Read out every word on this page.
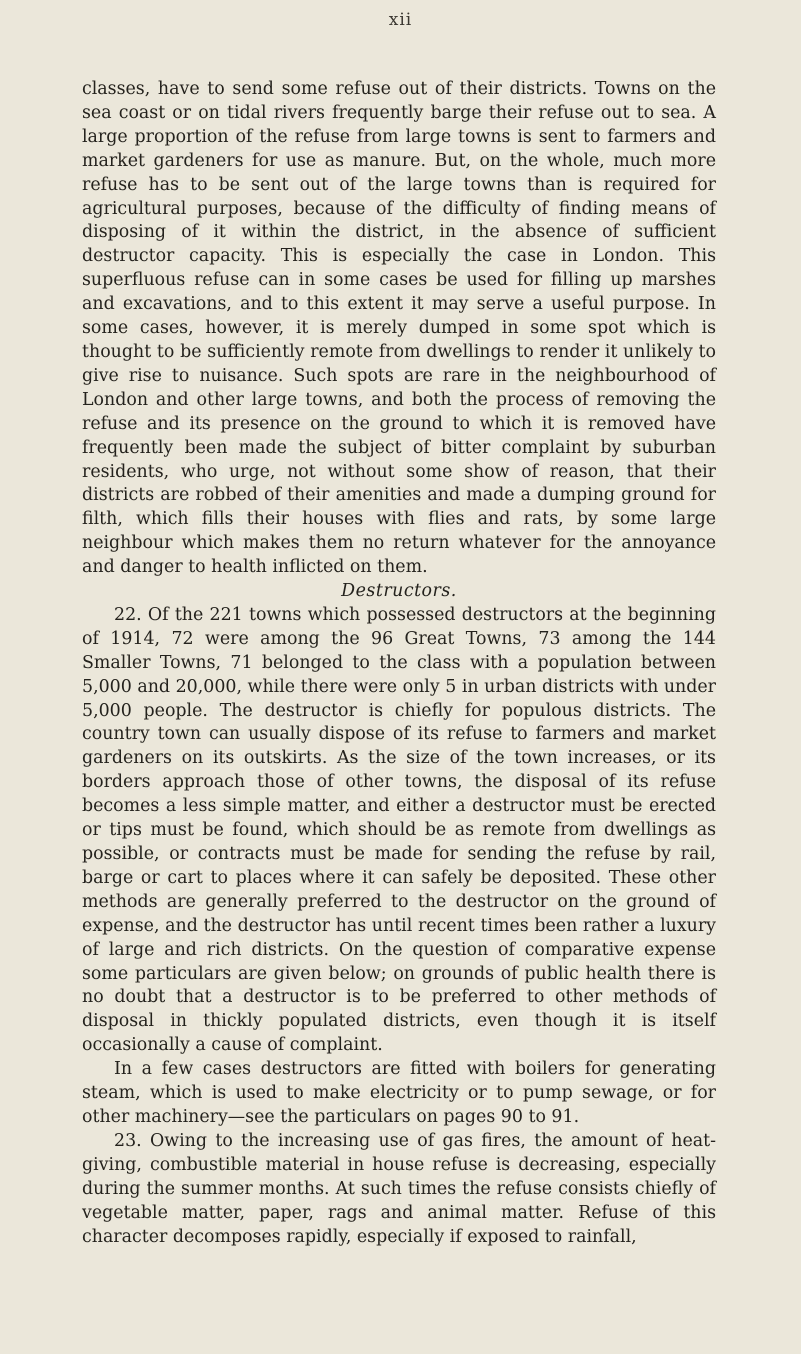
xii

classes, have to send some refuse out of their districts. Towns on the sea coast or on tidal rivers frequently barge their refuse out to sea. A large proportion of the refuse from large towns is sent to farmers and market gardeners for use as manure. But, on the whole, much more refuse has to be sent out of the large towns than is required for agricultural purposes, because of the difficulty of finding means of disposing of it within the district, in the absence of sufficient destructor capacity. This is especially the case in London. This superfluous refuse can in some cases be used for filling up marshes and excavations, and to this extent it may serve a useful purpose. In some cases, however, it is merely dumped in some spot which is thought to be sufficiently remote from dwellings to render it unlikely to give rise to nuisance. Such spots are rare in the neighbourhood of London and other large towns, and both the process of removing the refuse and its presence on the ground to which it is removed have frequently been made the subject of bitter complaint by suburban residents, who urge, not without some show of reason, that their districts are robbed of their amenities and made a dumping ground for filth, which fills their houses with flies and rats, by some large neighbour which makes them no return whatever for the annoyance and danger to health inflicted on them.

Destructors.

22. Of the 221 towns which possessed destructors at the beginning of 1914, 72 were among the 96 Great Towns, 73 among the 144 Smaller Towns, 71 belonged to the class with a population between 5,000 and 20,000, while there were only 5 in urban districts with under 5,000 people. The destructor is chiefly for populous districts. The country town can usually dispose of its refuse to farmers and market gardeners on its outskirts. As the size of the town increases, or its borders approach those of other towns, the disposal of its refuse becomes a less simple matter, and either a destructor must be erected or tips must be found, which should be as remote from dwellings as possible, or contracts must be made for sending the refuse by rail, barge or cart to places where it can safely be deposited. These other methods are generally preferred to the destructor on the ground of expense, and the destructor has until recent times been rather a luxury of large and rich districts. On the question of comparative expense some particulars are given below; on grounds of public health there is no doubt that a destructor is to be preferred to other methods of disposal in thickly populated districts, even though it is itself occasionally a cause of complaint.

In a few cases destructors are fitted with boilers for generating steam, which is used to make electricity or to pump sewage, or for other machinery—see the particulars on pages 90 to 91.

23. Owing to the increasing use of gas fires, the amount of heat-giving, combustible material in house refuse is decreasing, especially during the summer months. At such times the refuse consists chiefly of vegetable matter, paper, rags and animal matter. Refuse of this character decomposes rapidly, especially if exposed to rainfall,
